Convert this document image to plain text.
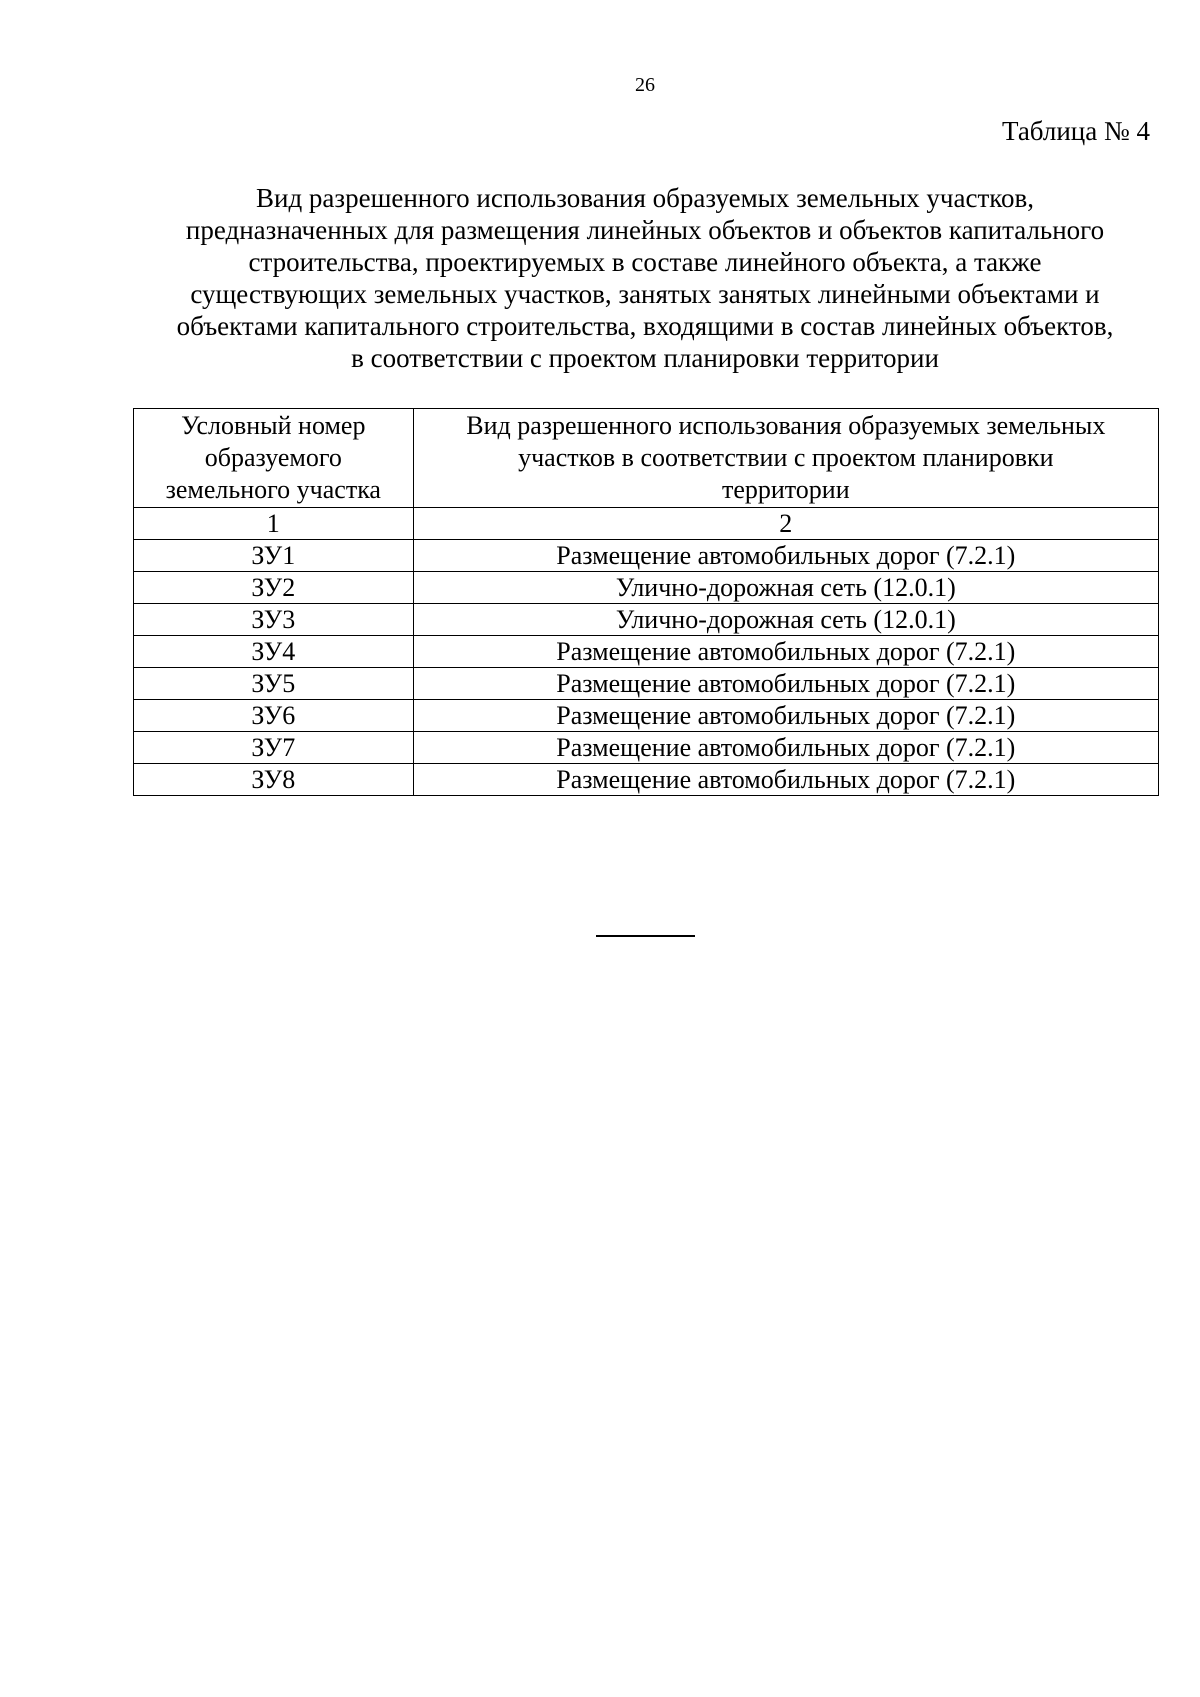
26
Таблица № 4
Вид разрешенного использования образуемых земельных участков,
предназначенных для размещения линейных объектов и объектов капитального
строительства, проектируемых в составе линейного объекта, а также
существующих земельных участков, занятых занятых линейными объектами и
объектами капитального строительства, входящими в состав линейных объектов,
в соответствии с проектом планировки территории
Условный номер
образуемого
земельного участка	Вид разрешенного использования образуемых земельных
участков в соответствии с проектом планировки
территории

1	2
ЗУ1	Размещение автомобильных дорог (7.2.1)
ЗУ2	Улично-дорожная сеть (12.0.1)
ЗУ3	Улично-дорожная сеть (12.0.1)
ЗУ4	Размещение автомобильных дорог (7.2.1)
ЗУ5	Размещение автомобильных дорог (7.2.1)
ЗУ6	Размещение автомобильных дорог (7.2.1)
ЗУ7	Размещение автомобильных дорог (7.2.1)
ЗУ8	Размещение автомобильных дорог (7.2.1)
